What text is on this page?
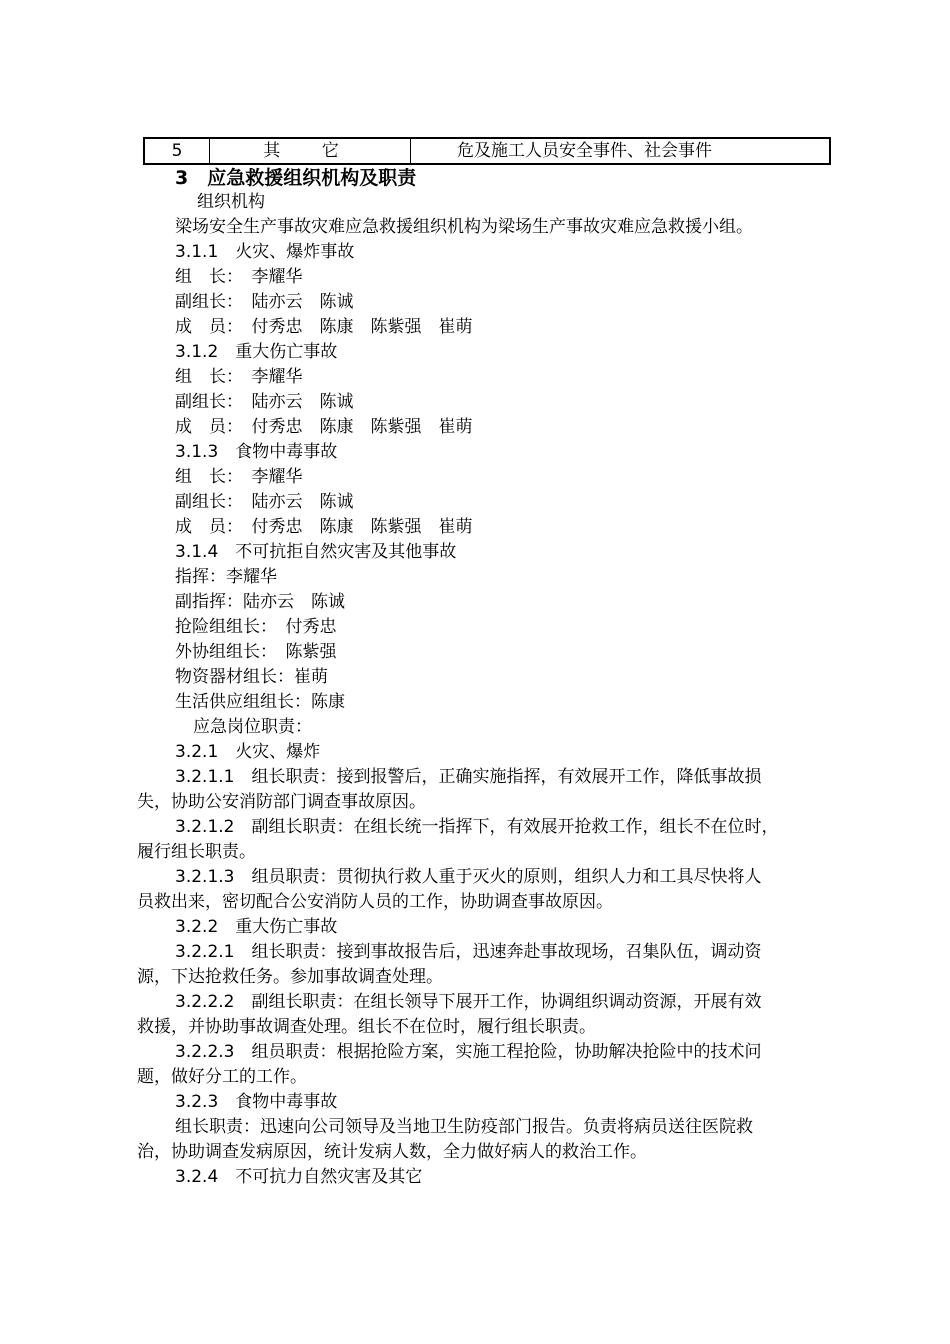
5	其 它	危及施工人员安全事件、社会事件
3　应急救援组织机构及职责
组织机构
梁场安全生产事故灾难应急救援组织机构为梁场生产事故灾难应急救援小组。
3.1.1　火灾、爆炸事故
组　长：　李耀华
副组长：　陆亦云　陈诚
成　员：　付秀忠　陈康　陈紫强　崔萌
3.1.2　重大伤亡事故
组　长：　李耀华
副组长：　陆亦云　陈诚
成　员：　付秀忠　陈康　陈紫强　崔萌
3.1.3　食物中毒事故
组　长：　李耀华
副组长：　陆亦云　陈诚
成　员：　付秀忠　陈康　陈紫强　崔萌
3.1.4　不可抗拒自然灾害及其他事故
指挥：李耀华
副指挥：陆亦云　陈诚
抢险组组长：　付秀忠
外协组组长：　陈紫强
物资器材组长：崔萌
生活供应组组长：陈康
应急岗位职责：
3.2.1　火灾、爆炸
3.2.1.1　组长职责：接到报警后，正确实施指挥，有效展开工作，降低事故损
失，协助公安消防部门调查事故原因。
3.2.1.2　副组长职责：在组长统一指挥下，有效展开抢救工作，组长不在位时，
履行组长职责。
3.2.1.3　组员职责：贯彻执行救人重于灭火的原则，组织人力和工具尽快将人
员救出来，密切配合公安消防人员的工作，协助调查事故原因。
3.2.2　重大伤亡事故
3.2.2.1　组长职责：接到事故报告后，迅速奔赴事故现场，召集队伍，调动资
源，下达抢救任务。参加事故调查处理。
3.2.2.2　副组长职责：在组长领导下展开工作，协调组织调动资源，开展有效
救援，并协助事故调查处理。组长不在位时，履行组长职责。
3.2.2.3　组员职责：根据抢险方案，实施工程抢险，协助解决抢险中的技术问
题，做好分工的工作。
3.2.3　食物中毒事故
组长职责：迅速向公司领导及当地卫生防疫部门报告。负责将病员送往医院救
治，协助调查发病原因，统计发病人数，全力做好病人的救治工作。
3.2.4　不可抗力自然灾害及其它
